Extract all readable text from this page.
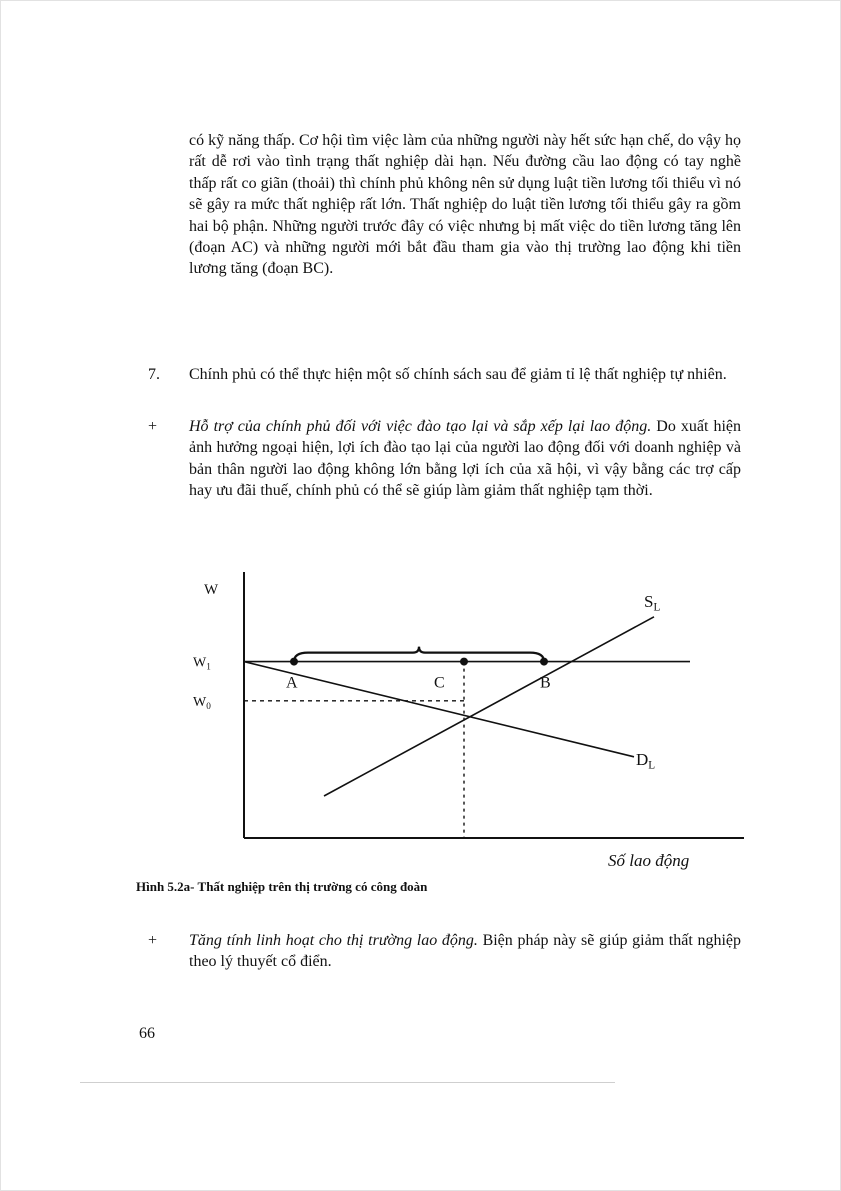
có kỹ năng thấp. Cơ hội tìm việc làm của những người này hết sức hạn chế, do vậy họ rất dễ rơi vào tình trạng thất nghiệp dài hạn. Nếu đường cầu lao động có tay nghề thấp rất co giãn (thoải) thì chính phủ không nên sử dụng luật tiền lương tối thiểu vì nó sẽ gây ra mức thất nghiệp rất lớn. Thất nghiệp do luật tiền lương tối thiểu gây ra gồm hai bộ phận. Những người trước đây có việc nhưng bị mất việc do tiền lương tăng lên (đoạn AC) và những người mới bắt đầu tham gia vào thị trường lao động khi tiền lương tăng (đoạn BC).

7. Chính phủ có thể thực hiện một số chính sách sau để giảm tỉ lệ thất nghiệp tự nhiên.
+ Hỗ trợ của chính phủ đối với việc đào tạo lại và sắp xếp lại lao động. Do xuất hiện ảnh hưởng ngoại hiện, lợi ích đào tạo lại của người lao động đối với doanh nghiệp và bản thân người lao động không lớn bằng lợi ích của xã hội, vì vậy bằng các trợ cấp hay ưu đãi thuế, chính phủ có thể sẽ giúp làm giảm thất nghiệp tạm thời.
W
Số lao động
$W_1$
$W_0$
$S_L$
$D_L$
A	C	B

Hình 5.2a- Thất nghiệp trên thị trường có công đoàn

+ Tăng tính linh hoạt cho thị trường lao động. Biện pháp này sẽ giúp giảm thất nghiệp theo lý thuyết cổ điển.

66
